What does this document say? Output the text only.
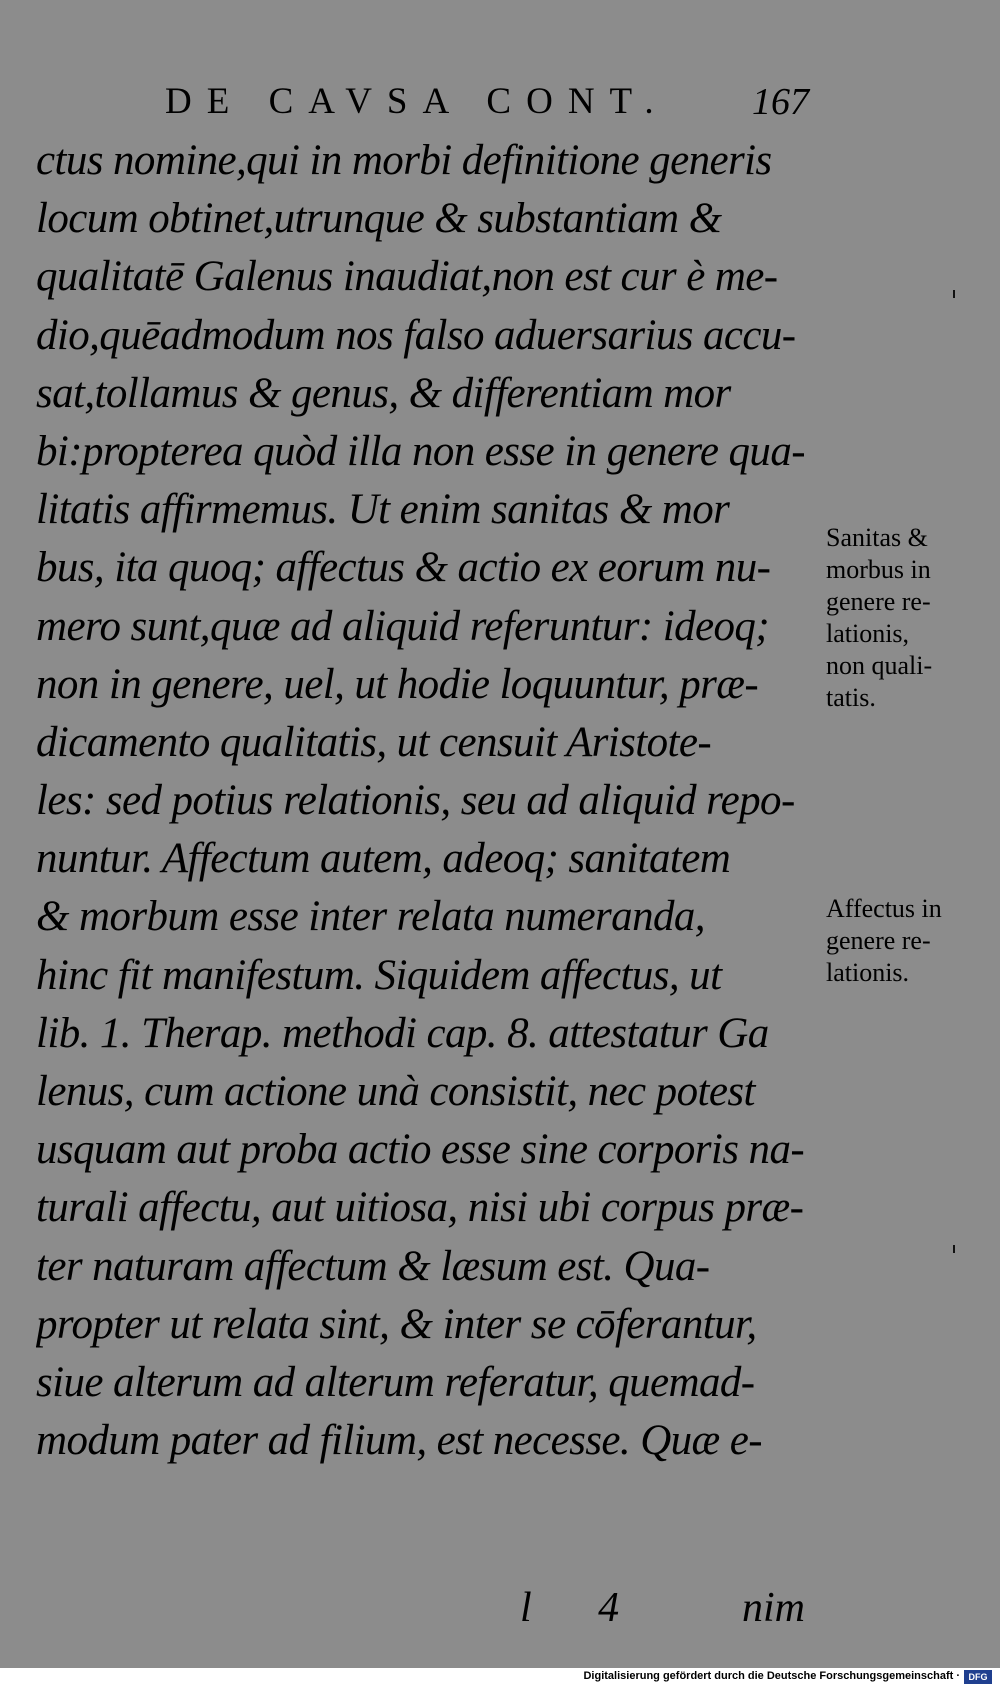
DE CAVSA CONT.	167
ctus nomine,qui in morbi definitione generis
locum obtinet,utrunque & substantiam &
qualitatē Galenus inaudiat,non est cur è me-
dio,quēadmodum nos falso aduersarius accu-
sat,tollamus & genus, & differentiam mor
bi:propterea quòd illa non esse in genere qua-
litatis affirmemus. Ut enim sanitas & mor
bus, ita quoq; affectus & actio ex eorum nu-
mero sunt,quæ ad aliquid referuntur: ideoq;
non in genere, uel, ut hodie loquuntur, præ-
dicamento qualitatis, ut censuit Aristote-
les: sed potius relationis, seu ad aliquid repo-
nuntur. Affectum autem, adeoq; sanitatem
& morbum esse inter relata numeranda,
hinc fit manifestum. Siquidem affectus, ut
lib. 1. Therap. methodi cap. 8. attestatur Ga
lenus, cum actione unà consistit, nec potest
usquam aut proba actio esse sine corporis na-
turali affectu, aut uitiosa, nisi ubi corpus præ-
ter naturam affectum & læsum est. Qua-
propter ut relata sint, & inter se cōferantur,
siue alterum ad alterum referatur, quemad-
modum pater ad filium, est necesse. Quæ e-
l 4 nim
Sanitas &
morbus in
genere re-
lationis,
non quali-
tatis.
Affectus in
genere re-
lationis.
Digitalisierung gefördert durch die Deutsche Forschungsgemeinschaft · DFG
